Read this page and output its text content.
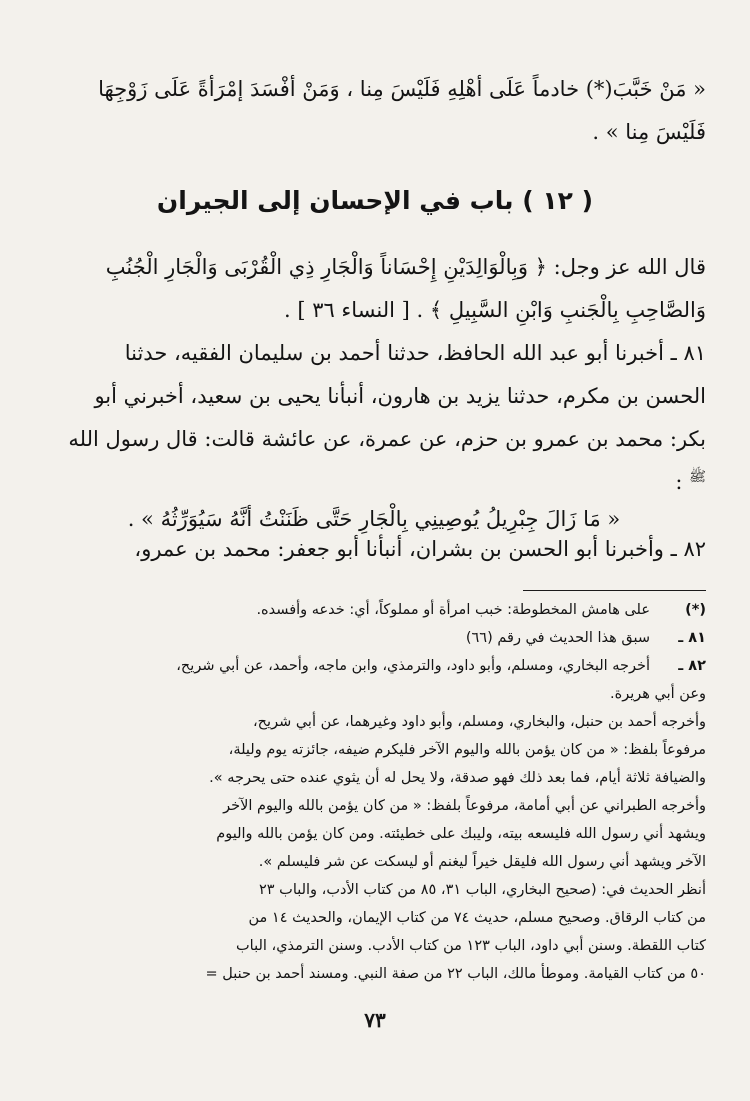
« مَنْ خَبَّبَ(*) خادماً عَلَى أهْلِهِ فَلَيْسَ مِنا ، وَمَنْ أفْسَدَ إمْرَأةً عَلَى زَوْجِهَا
فَلَيْسَ مِنا » .
( ١٢ ) باب في الإحسان إلى الجيران
قال الله عز وجل: ﴿ وَبِالْوَالِدَيْنِ إِحْسَاناً وَالْجَارِ ذِي الْقُرْبَى وَالْجَارِ الْجُنُبِ
وَالصَّاحِبِ بِالْجَنبِ وَابْنِ السَّبِيلِ ﴾ . [ النساء ٣٦ ] .
٨١ ـ أخبرنا أبو عبد الله الحافظ، حدثنا أحمد بن سليمان الفقيه، حدثنا
الحسن بن مكرم، حدثنا يزيد بن هارون، أنبأنا يحيى بن سعيد، أخبرني أبو
بكر: محمد بن عمرو بن حزم، عن عمرة، عن عائشة قالت: قال رسول الله
$^ﷺ$ :
« مَا زَالَ جِبْرِيلُ يُوصِينِي بِالْجَارِ حَتَّى ظَنَنْتُ أنَّهُ سَيُوَرِّثُهُ » .
٨٢ ـ وأخبرنا أبو الحسن بن بشران، أنبأنا أبو جعفر: محمد بن عمرو،
(*)
على هامش المخطوطة: خبب امرأة أو مملوكاً، أي: خدعه وأفسده.
٨١ ـ
سبق هذا الحديث في رقم (٦٦)
٨٢ ـ
أخرجه البخاري، ومسلم، وأبو داود، والترمذي، وابن ماجه، وأحمد، عن أبي شريح،
وعن أبي هريرة.
وأخرجه أحمد بن حنبل، والبخاري، ومسلم، وأبو داود وغيرهما، عن أبي شريح،
مرفوعاً بلفظ: « من كان يؤمن بالله واليوم الآخر فليكرم ضيفه، جائزته يوم وليلة،
والضيافة ثلاثة أيام، فما بعد ذلك فهو صدقة، ولا يحل له أن يثوي عنده حتى يحرجه ».
وأخرجه الطبراني عن أبي أمامة، مرفوعاً بلفظ: « من كان يؤمن بالله واليوم الآخر
ويشهد أني رسول الله فليسعه بيته، وليبك على خطيئته. ومن كان يؤمن بالله واليوم
الآخر ويشهد أني رسول الله فليقل خيراً ليغنم أو ليسكت عن شر فليسلم ».
أنظر الحديث في: (صحيح البخاري، الباب ٣١، ٨٥ من كتاب الأدب، والباب ٢٣
من كتاب الرقاق. وصحيح مسلم، حديث ٧٤ من كتاب الإيمان، والحديث ١٤ من
كتاب اللقطة. وسنن أبي داود، الباب ١٢٣ من كتاب الأدب. وسنن الترمذي، الباب
٥٠ من كتاب القيامة. وموطأ مالك، الباب ٢٢ من صفة النبي. ومسند أحمد بن حنبل =
٧٣
